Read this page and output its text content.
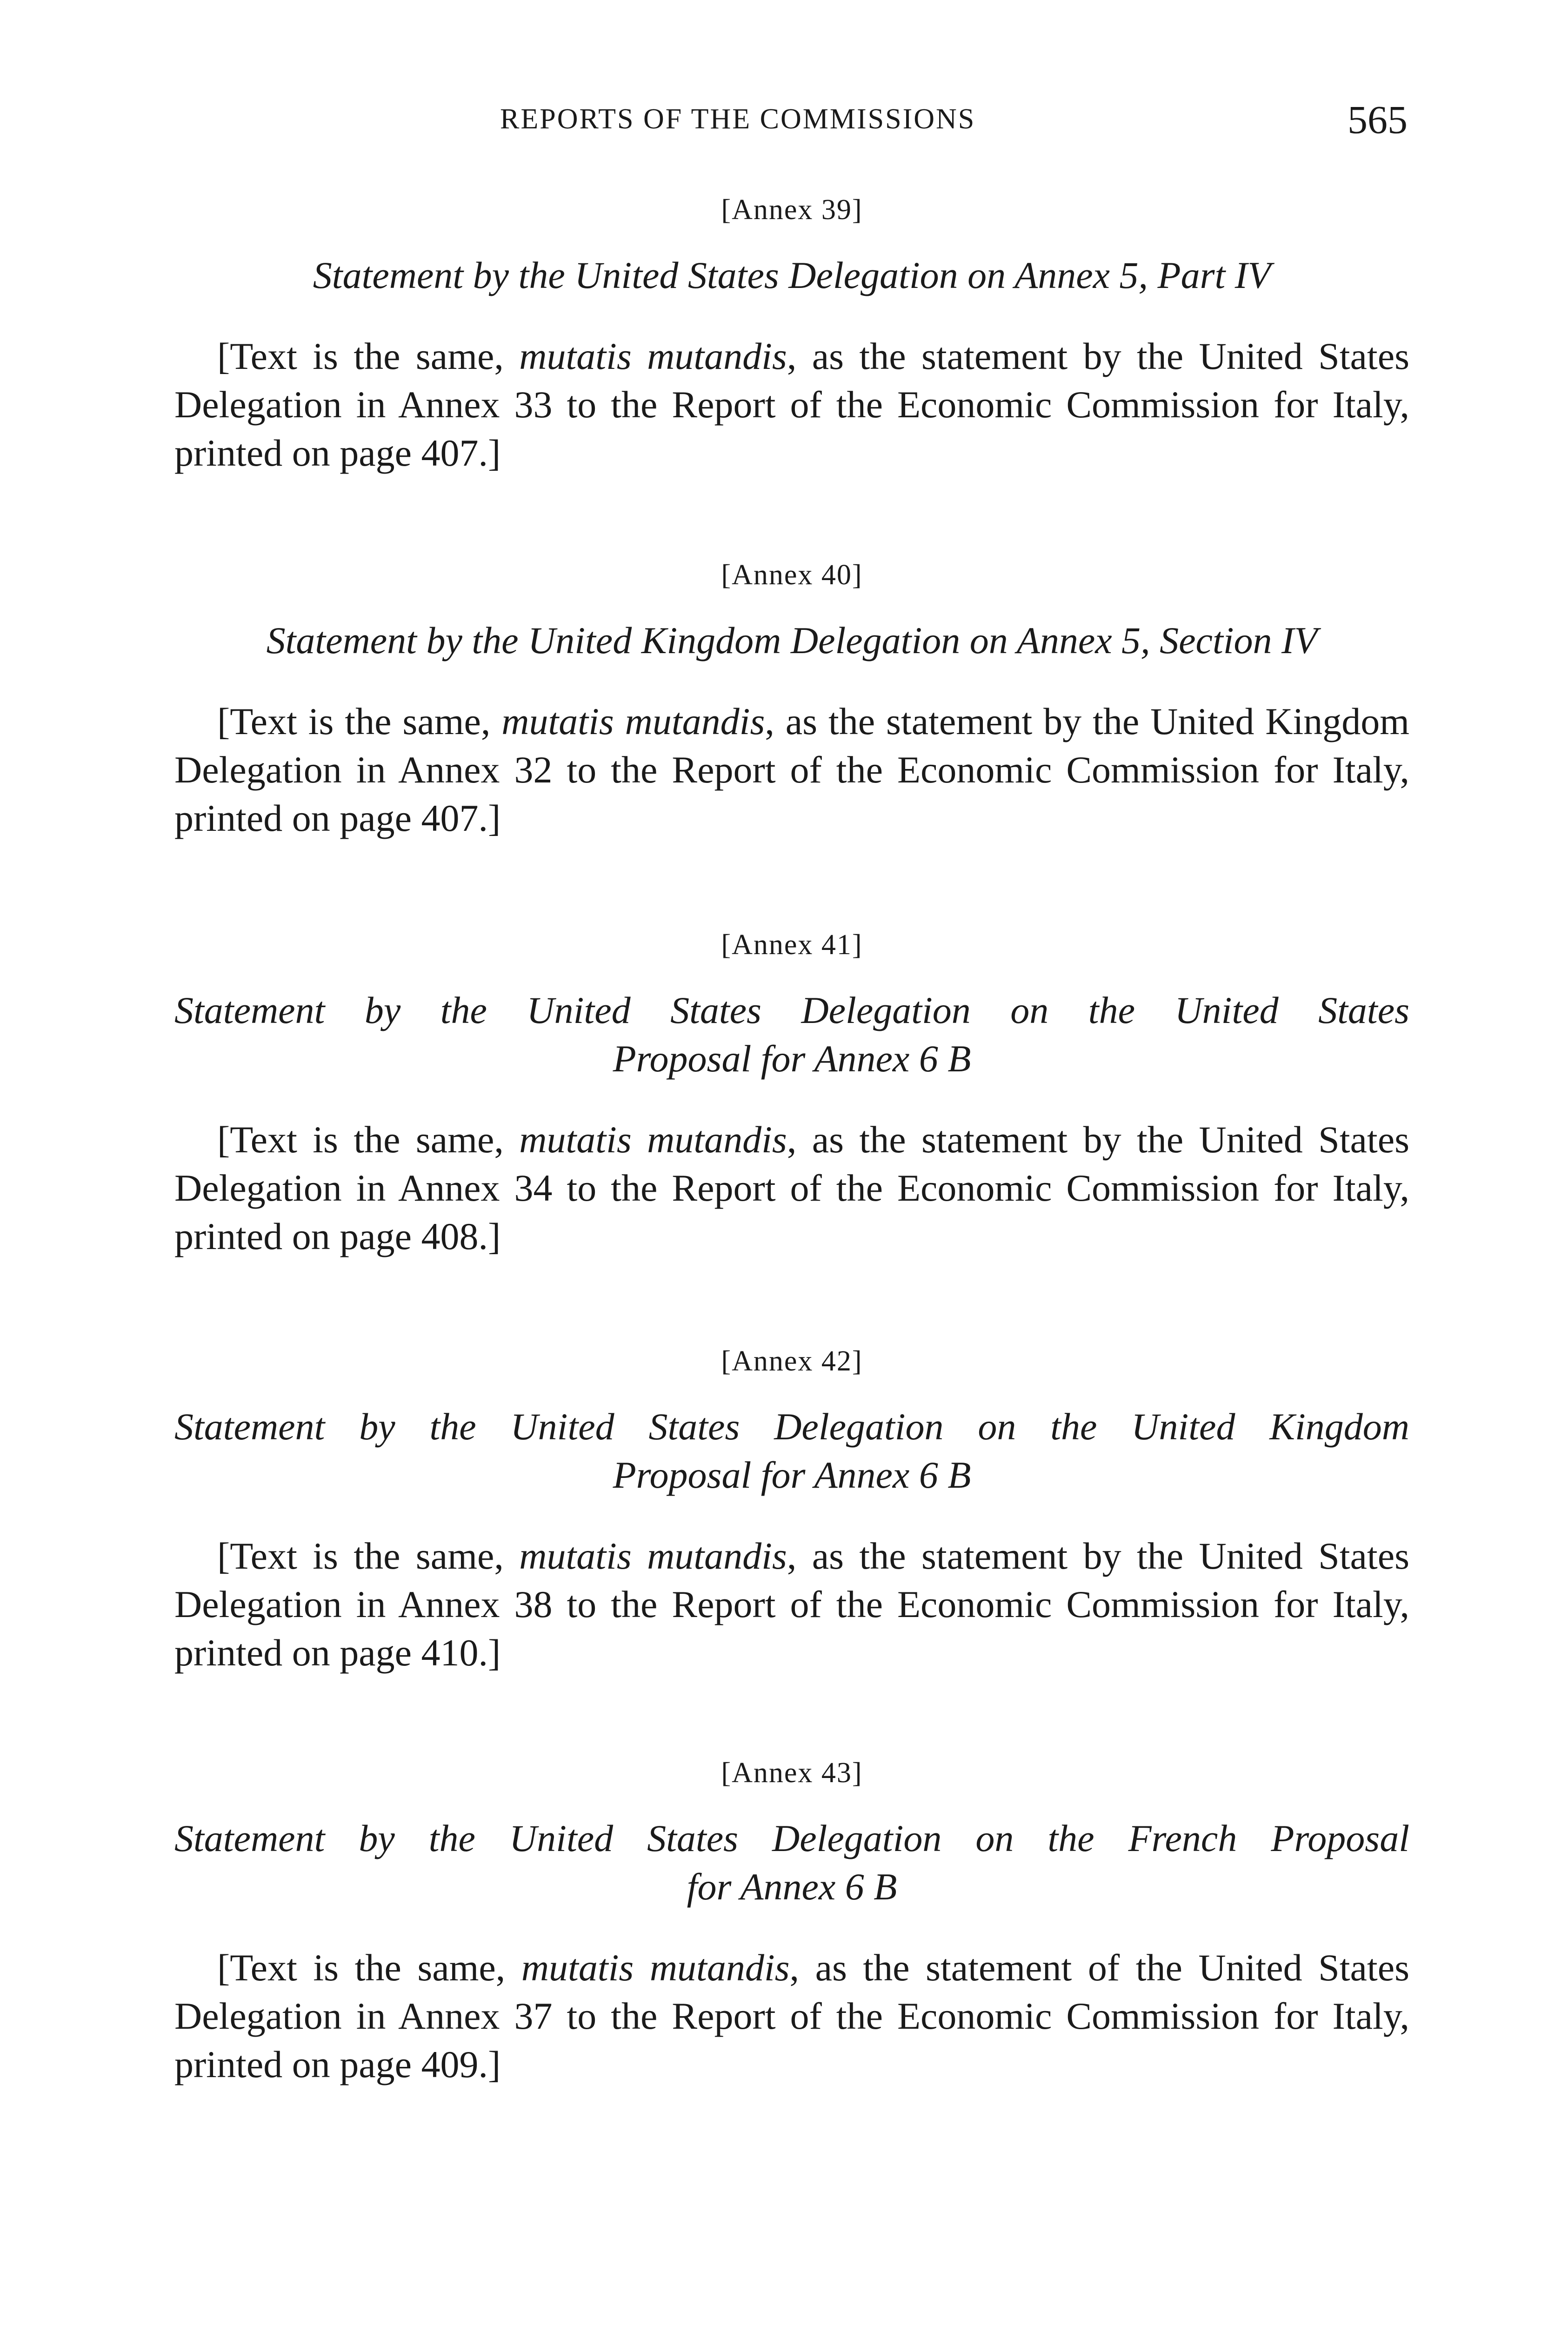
REPORTS OF THE COMMISSIONS	565

[Annex 39]

Statement by the United States Delegation on Annex 5, Part IV

[Text is the same, mutatis mutandis, as the statement by the United States Delegation in Annex 33 to the Report of the Economic Commission for Italy, printed on page 407.]

[Annex 40]

Statement by the United Kingdom Delegation on Annex 5, Section IV

[Text is the same, mutatis mutandis, as the statement by the United Kingdom Delegation in Annex 32 to the Report of the Economic Commission for Italy, printed on page 407.]

[Annex 41]

Statement by the United States Delegation on the United States
Proposal for Annex 6 B

[Text is the same, mutatis mutandis, as the statement by the United States Delegation in Annex 34 to the Report of the Economic Commission for Italy, printed on page 408.]

[Annex 42]

Statement by the United States Delegation on the United Kingdom
Proposal for Annex 6 B

[Text is the same, mutatis mutandis, as the statement by the United States Delegation in Annex 38 to the Report of the Economic Commission for Italy, printed on page 410.]

[Annex 43]

Statement by the United States Delegation on the French Proposal
for Annex 6 B

[Text is the same, mutatis mutandis, as the statement of the United States Delegation in Annex 37 to the Report of the Economic Commission for Italy, printed on page 409.]
